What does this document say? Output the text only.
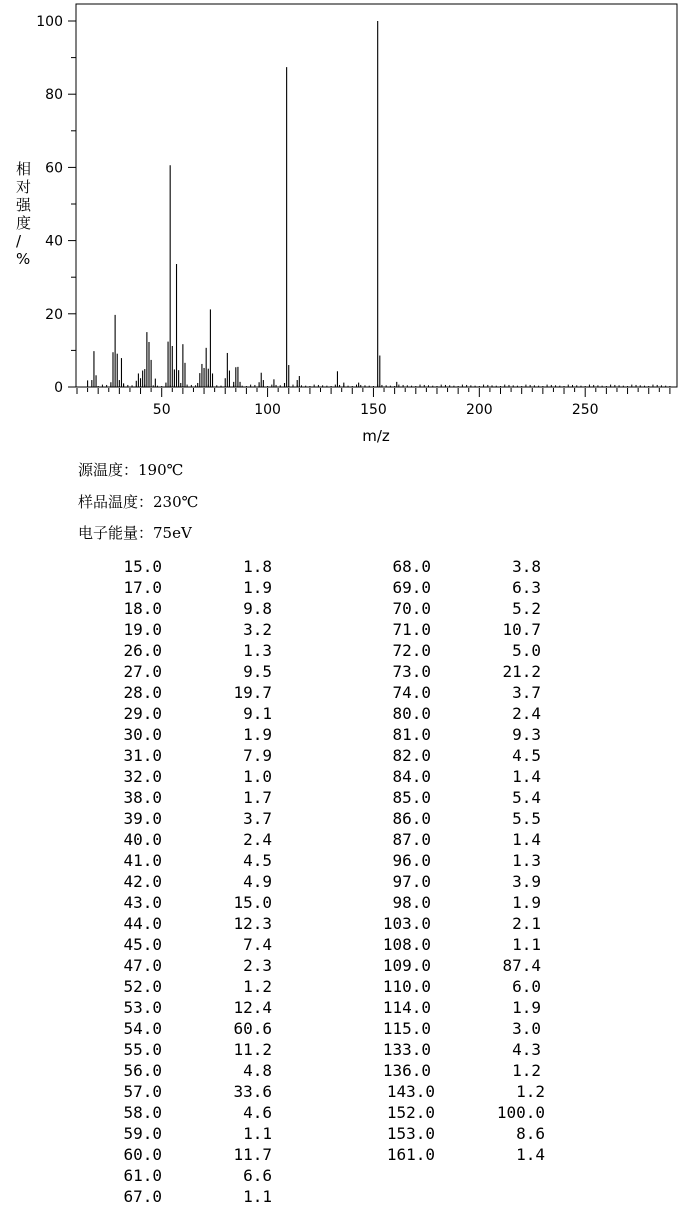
0
20
40
60
80
100
50	100	150	200	250
m/z
相对强度/ %
源温度：190℃
样品温度：230℃
电子能量：75eV
15.0	1.8
17.0	1.9
18.0	9.8
19.0	3.2
26.0	1.3
27.0	9.5
28.0	19.7
29.0	9.1
30.0	1.9
31.0	7.9
32.0	1.0
38.0	1.7
39.0	3.7
40.0	2.4
41.0	4.5
42.0	4.9
43.0	15.0
44.0	12.3
45.0	7.4
47.0	2.3
52.0	1.2
53.0	12.4
54.0	60.6
55.0	11.2
56.0	4.8
57.0	33.6
58.0	4.6
59.0	1.1
60.0	11.7
61.0	6.6
67.0	1.1
68.0	3.8
69.0	6.3
70.0	5.2
71.0	10.7
72.0	5.0
73.0	21.2
74.0	3.7
80.0	2.4
81.0	9.3
82.0	4.5
84.0	1.4
85.0	5.4
86.0	5.5
87.0	1.4
96.0	1.3
97.0	3.9
98.0	1.9
103.0	2.1
108.0	1.1
109.0	87.4
110.0	6.0
114.0	1.9
115.0	3.0
133.0	4.3
136.0	1.2
143.0	1.2
152.0	100.0
153.0	8.6
161.0	1.4
